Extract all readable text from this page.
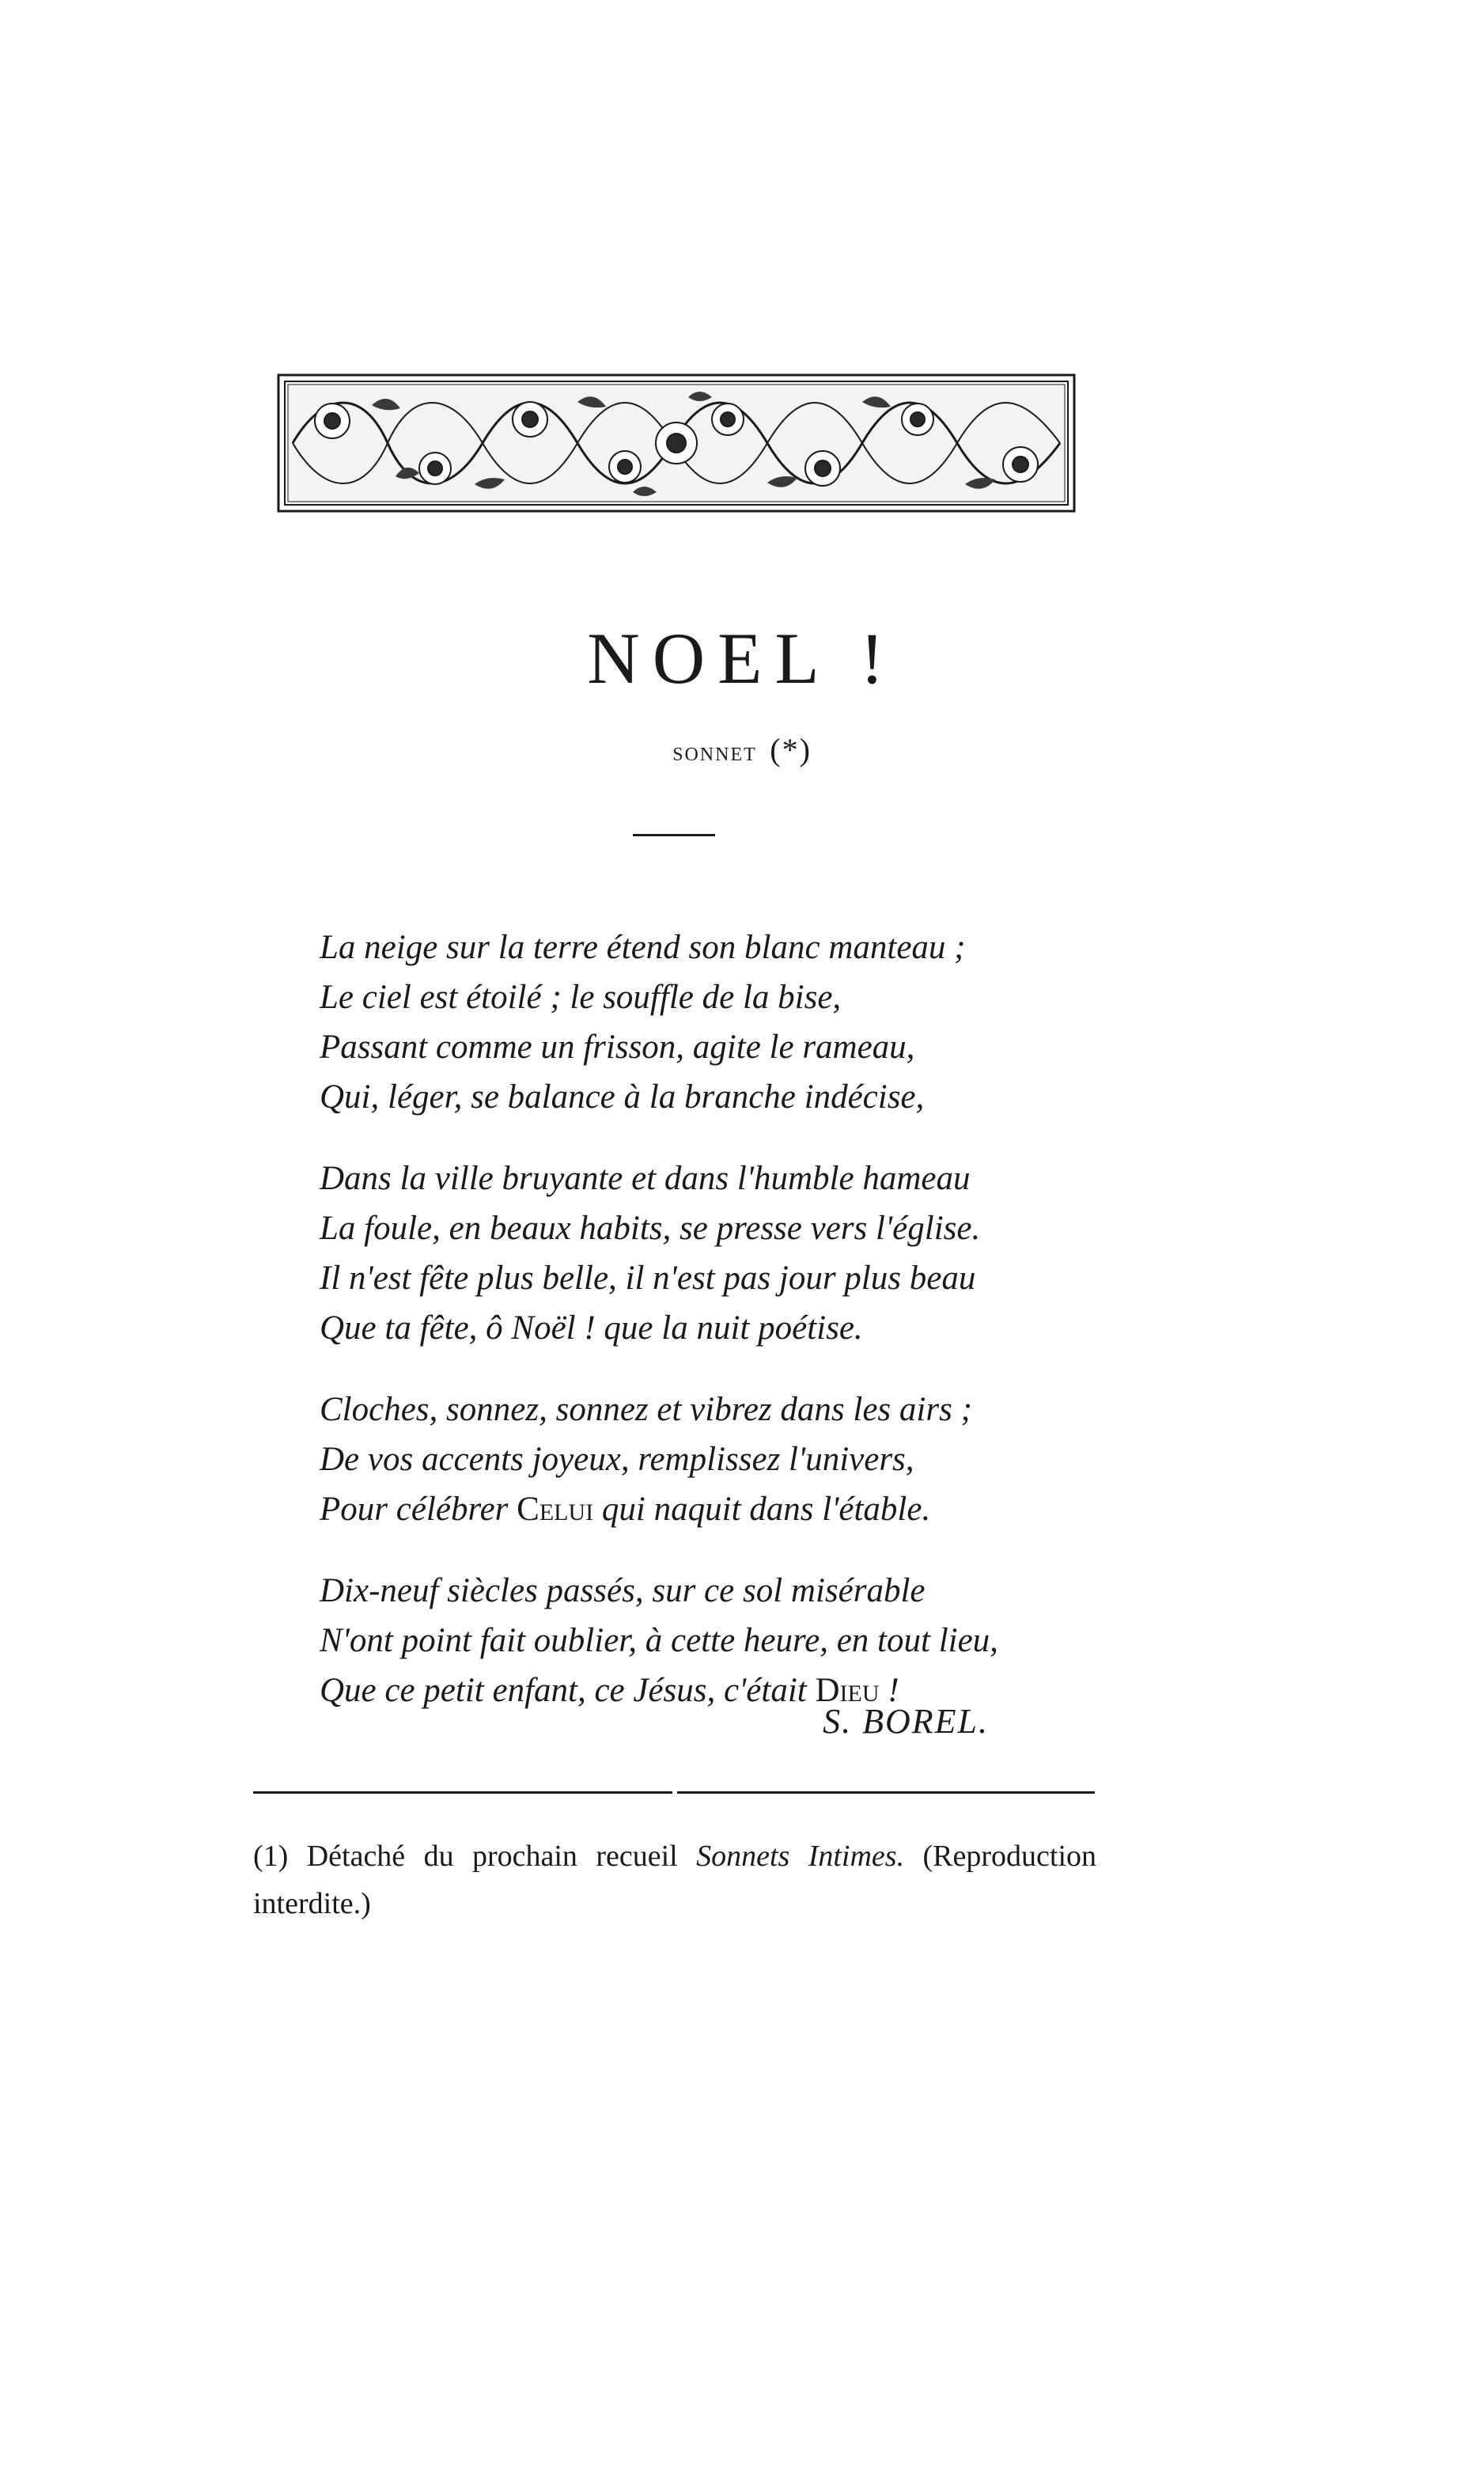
NOEL !
sonnet (*)
La neige sur la terre étend son blanc manteau ;
Le ciel est étoilé ; le souffle de la bise,
Passant comme un frisson, agite le rameau,
Qui, léger, se balance à la branche indécise,
Dans la ville bruyante et dans l'humble hameau
La foule, en beaux habits, se presse vers l'église.
Il n'est fête plus belle, il n'est pas jour plus beau
Que ta fête, ô Noël ! que la nuit poétise.
Cloches, sonnez, sonnez et vibrez dans les airs ;
De vos accents joyeux, remplissez l'univers,
Pour célébrer Celui qui naquit dans l'étable.
Dix-neuf siècles passés, sur ce sol misérable
N'ont point fait oublier, à cette heure, en tout lieu,
Que ce petit enfant, ce Jésus, c'était Dieu !
S. BOREL.
(1) Détaché du prochain recueil Sonnets Intimes. (Reproduction interdite.)
